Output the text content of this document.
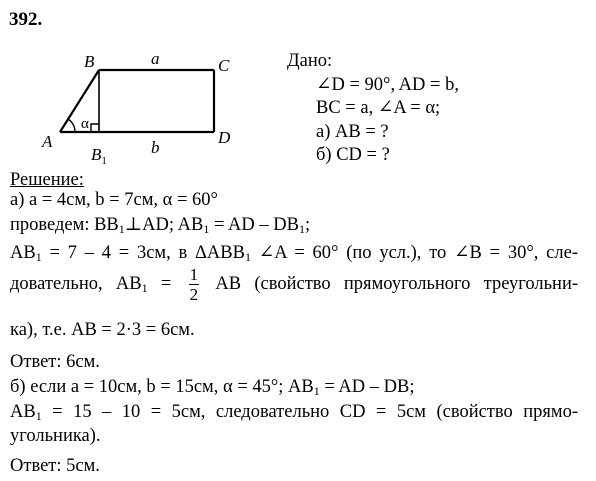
392.
B	a	C
α
A	D
b
$B_1$
Дано:
∠D = 90°, AD = b,
BC = a, ∠A = α;
а) AB = ?
б) CD = ?
Решение:
а) a = 4см, b = 7см, α = 60°
проведем: $BB_1\perp AD$; $AB_1$ = AD – $DB_1$;
$AB_1 = 7 - 4 = 3см$, в $\Delta ABB_1$ ∠A = 60° (по усл.), то ∠B = 30°, сле-
довательно, $AB_1 = \frac{1}{2}$ AB (свойство прямоугольного треугольни-
ка), т.е. AB = 2·3 = 6см.
Ответ: 6см.
б) если a = 10см, b = 15см, α = 45°; $AB_1$ = AD – DB;
$AB_1 = 15 - 10 = 5см$, следовательно CD = 5см (свойство прямо-
угольника).
Ответ: 5см.
